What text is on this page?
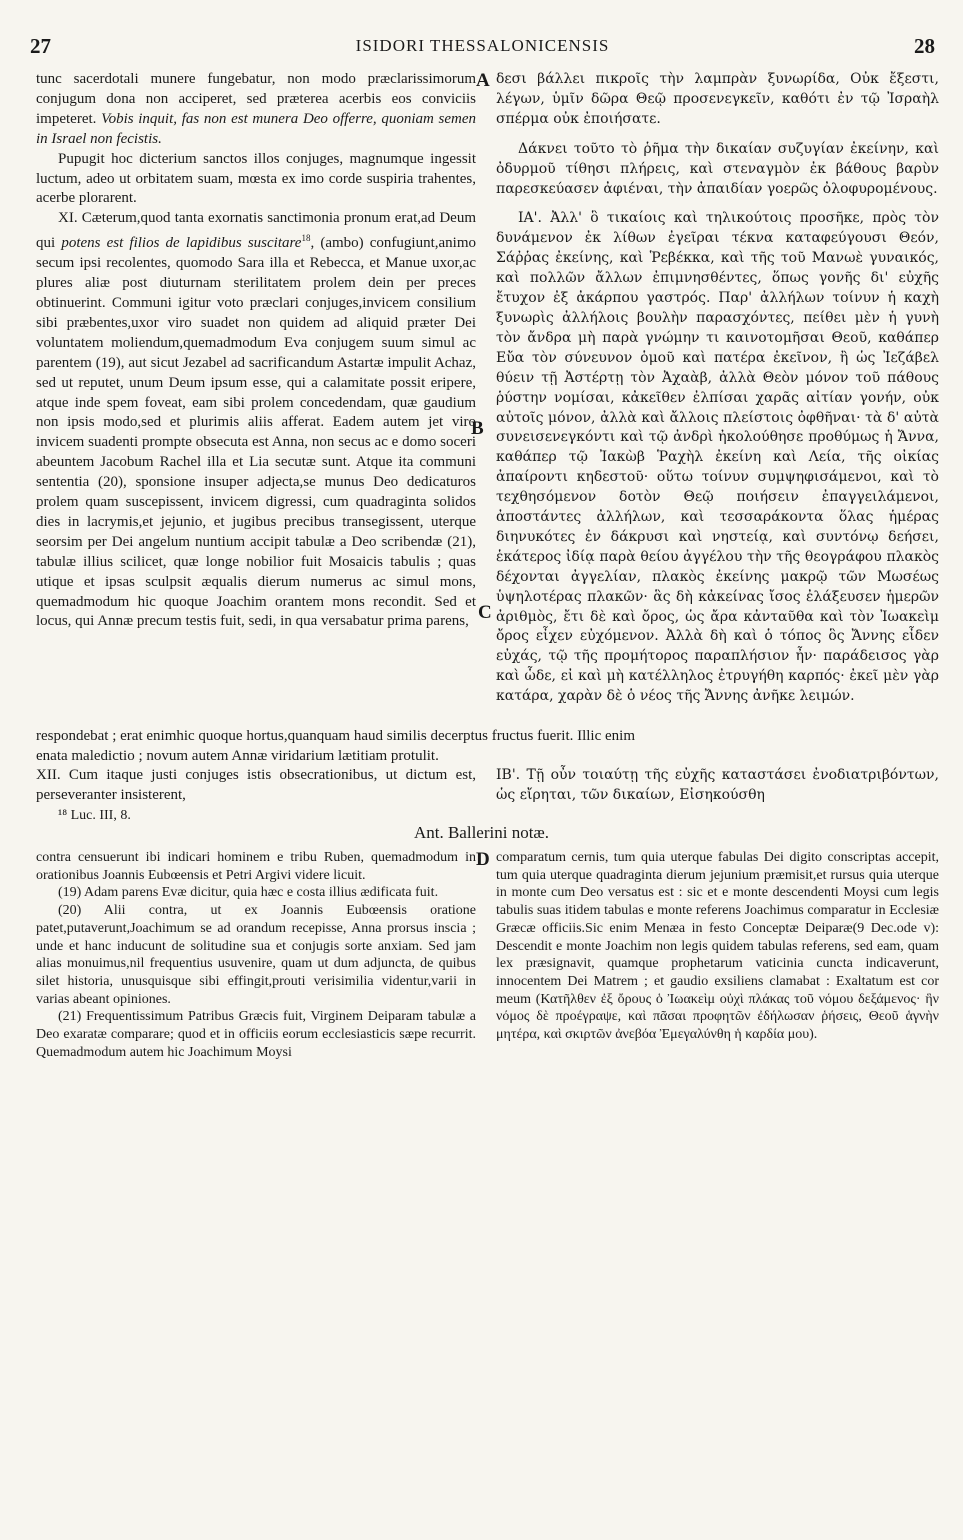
27	ISIDORI THESSALONICENSIS	28
A
B
C
D

tunc sacerdotali munere fungebatur, non modo præclarissimorum conjugum dona non acciperet, sed præterea acerbis eos conviciis impeteret. Vobis inquit, fas non est munera Deo offerre, quoniam semen in Israel non fecistis.

Pupugit hoc dicterium sanctos illos conjuges, magnumque ingessit luctum, adeo ut orbitatem suam, mœsta ex imo corde suspiria trahentes, acerbe plorarent.

XI. Cæterum,quod tanta exornatis sanctimonia pronum erat,ad Deum qui potens est filios de lapidibus suscitare$^{18}$, (ambo) confugiunt,animo secum ipsi recolentes, quomodo Sara illa et Rebecca, et Manue uxor,ac plures aliæ post diuturnam sterilitatem prolem dein per preces obtinuerint. Communi igitur voto præclari conjuges,invicem consilium sibi præbentes,uxor viro suadet non quidem ad aliquid præter Dei voluntatem moliendum,quemadmodum Eva conjugem suum simul ac parentem (19), aut sicut Jezabel ad sacrificandum Astartæ impulit Achaz, sed ut reputet, unum Deum ipsum esse, qui a calamitate possit eripere, atque inde spem foveat, eam sibi prolem concedendam, quæ gaudium non ipsis modo,sed et plurimis aliis afferat. Eadem autem jet viro invicem suadenti prompte obsecuta est Anna, non secus ac e domo soceri abeuntem Jacobum Rachel illa et Lia secutæ sunt. Atque ita communi sententia (20), sponsione insuper adjecta,se munus Deo dedicaturos prolem quam suscepissent, invicem digressi, cum quadraginta solidos dies in lacrymis,et jejunio, et jugibus precibus transegissent, uterque seorsim per Dei angelum nuntium accipit tabulæ a Deo scribendæ (21), tabulæ illius scilicet, quæ longe nobilior fuit Mosaicis tabulis ; quas utique et ipsas sculpsit æqualis dierum numerus ac simul mons, quemadmodum hic quoque Joachim orantem mons recondit. Sed et locus, qui Annæ precum testis fuit, sedi, in qua versabatur prima parens,

δεσι βάλλει πικροῖς τὴν λαμπρὰν ξυνωρίδα, Οὐκ ἔξεστι, λέγων, ὑμῖν δῶρα Θεῷ προσενεγκεῖν, καθότι ἐν τῷ Ἰσραὴλ σπέρμα οὐκ ἐποιήσατε.

Δάκνει τοῦτο τὸ ῥῆμα τὴν δικαίαν συζυγίαν ἐκείνην, καὶ ὀδυρμοῦ τίθησι πλήρεις, καὶ στεναγμὸν ἐκ βάθους βαρὺν παρεσκεύασεν ἀφιέναι, τὴν ἀπαιδίαν γοερῶς ὀλοφυρομένους.

ΙΑ'. Ἀλλ' ὃ τικαίοις καὶ τηλικούτοις προσῆκε, πρὸς τὸν δυνάμενον ἐκ λίθων ἐγεῖραι τέκνα καταφεύγουσι Θεόν, Σάῤῥας ἐκείνης, καὶ Ῥεβέκκα, καὶ τῆς τοῦ Μανωὲ γυναικός, καὶ πολλῶν ἄλλων ἐπιμνησθέντες, ὅπως γονῆς δι' εὐχῆς ἔτυχον ἐξ ἀκάρπου γαστρός. Παρ' ἀλλήλων τοίνυν ἡ καχὴ ξυνωρὶς ἀλλήλοις βουλὴν παρασχόντες, πείθει μὲν ἡ γυνὴ τὸν ἄνδρα μὴ παρὰ γνώμην τι καινοτομῆσαι Θεοῦ, καθάπερ Εὔα τὸν σύνευνον ὁμοῦ καὶ πατέρα ἐκεῖνον, ἢ ὡς Ἰεζάβελ θύειν τῇ Ἀστέρτῃ τὸν Ἀχαὰβ, ἀλλὰ Θεὸν μόνον τοῦ πάθους ῥύστην νομίσαι, κἀκεῖθεν ἐλπίσαι χαρᾶς αἰτίαν γονήν, οὐκ αὐτοῖς μόνον, ἀλλὰ καὶ ἄλλοις πλείστοις ὀφθῆναι· τὰ δ' αὐτὰ συνεισενεγκόντι καὶ τῷ ἀνδρὶ ἠκολούθησε προθύμως ἡ Ἄννα, καθάπερ τῷ Ἰακὼβ Ῥαχὴλ ἐκείνη καὶ Λεία, τῆς οἰκίας ἀπαίροντι κηδεστοῦ· οὕτω τοίνυν συμψηφισάμενοι, καὶ τὸ τεχθησόμενον δοτὸν Θεῷ ποιήσειν ἐπαγγειλάμενοι, ἀποστάντες ἀλλήλων, καὶ τεσσαράκοντα ὅλας ἡμέρας διηνυκότες ἐν δάκρυσι καὶ νηστείᾳ, καὶ συντόνῳ δεήσει, ἑκάτερος ἰδίᾳ παρὰ θείου ἀγγέλου τὴν τῆς θεογράφου πλακὸς δέχονται ἀγγελίαν, πλακὸς ἐκείνης μακρῷ τῶν Μωσέως ὑψηλοτέρας πλακῶν· ἃς δὴ κἀκείνας ἴσος ἐλάξευσεν ἡμερῶν ἀριθμὸς, ἔτι δὲ καὶ ὄρος, ὡς ἄρα κἀνταῦθα καὶ τὸν Ἰωακεὶμ ὄρος εἶχεν εὐχόμενον. Ἀλλὰ δὴ καὶ ὁ τόπος ὃς Ἄννης εἶδεν εὐχάς, τῷ τῆς προμήτορος παραπλήσιον ἦν· παράδεισος γὰρ καὶ ὧδε, εἰ καὶ μὴ κατέλληλος ἐτρυγήθη καρπός· ἐκεῖ μὲν γὰρ κατάρα, χαρὰν δὲ ὁ νέος τῆς Ἄννης ἀνῆκε λειμών.

respondebat ; erat enimhic quoque hortus,quanquam haud similis decerptus fructus fuerit. Illic enim

enata maledictio ; novum autem Annæ viridarium lætitiam protulit.

XII. Cum itaque justi conjuges istis obsecrationibus, ut dictum est, perseveranter insisterent,
ΙΒ'. Τῇ οὖν τοιαύτῃ τῆς εὐχῆς καταστάσει ἐνοδιατριβόντων, ὡς εἴρηται, τῶν δικαίων, Εἰσηκούσθη
¹⁸ Luc. III, 8.
Ant. Ballerini notæ.

contra censuerunt ibi indicari hominem e tribu Ruben, quemadmodum in orationibus Joannis Eubœensis et Petri Argivi videre licuit.

(19) Adam parens Evæ dicitur, quia hæc e costa illius ædificata fuit.

(20) Alii contra, ut ex Joannis Eubœensis oratione patet,putaverunt,Joachimum se ad orandum recepisse, Anna prorsus inscia ; unde et hanc inducunt de solitudine sua et conjugis sorte anxiam. Sed jam alias monuimus,nil frequentius usuvenire, quam ut dum adjuncta, de quibus silet historia, unusquisque sibi effingit,prouti verisimilia videntur,varii in varias abeant opiniones.

(21) Frequentissimum Patribus Græcis fuit, Virginem Deiparam tabulæ a Deo exaratæ comparare; quod et in officiis eorum ecclesiasticis sæpe recurrit. Quemadmodum autem hic Joachimum Moysi

comparatum cernis, tum quia uterque fabulas Dei digito conscriptas accepit, tum quia uterque quadraginta dierum jejunium præmisit,et rursus quia uterque in monte cum Deo versatus est : sic et e monte descendenti Moysi cum legis tabulis suas itidem tabulas e monte referens Joachimus comparatur in Ecclesiæ Græcæ officiis.Sic enim Menæa in festo Conceptæ Deiparæ(9 Dec.ode v): Descendit e monte Joachim non legis quidem tabulas referens, sed eam, quam lex præsignavit, quamque prophetarum vaticinia cuncta indicaverunt, innocentem Dei Matrem ; et gaudio exsiliens clamabat : Exaltatum est cor meum (Κατῆλθεν ἐξ ὄρους ὁ Ἰωακεὶμ οὐχὶ πλάκας τοῦ νόμου δεξάμενος· ἣν νόμος δὲ προέγραψε, καὶ πᾶσαι προφητῶν ἐδήλωσαν ῥήσεις, Θεοῦ ἁγνὴν μητέρα, καὶ σκιρτῶν ἀνεβόα Ἐμεγαλύνθη ἡ καρδία μου).
